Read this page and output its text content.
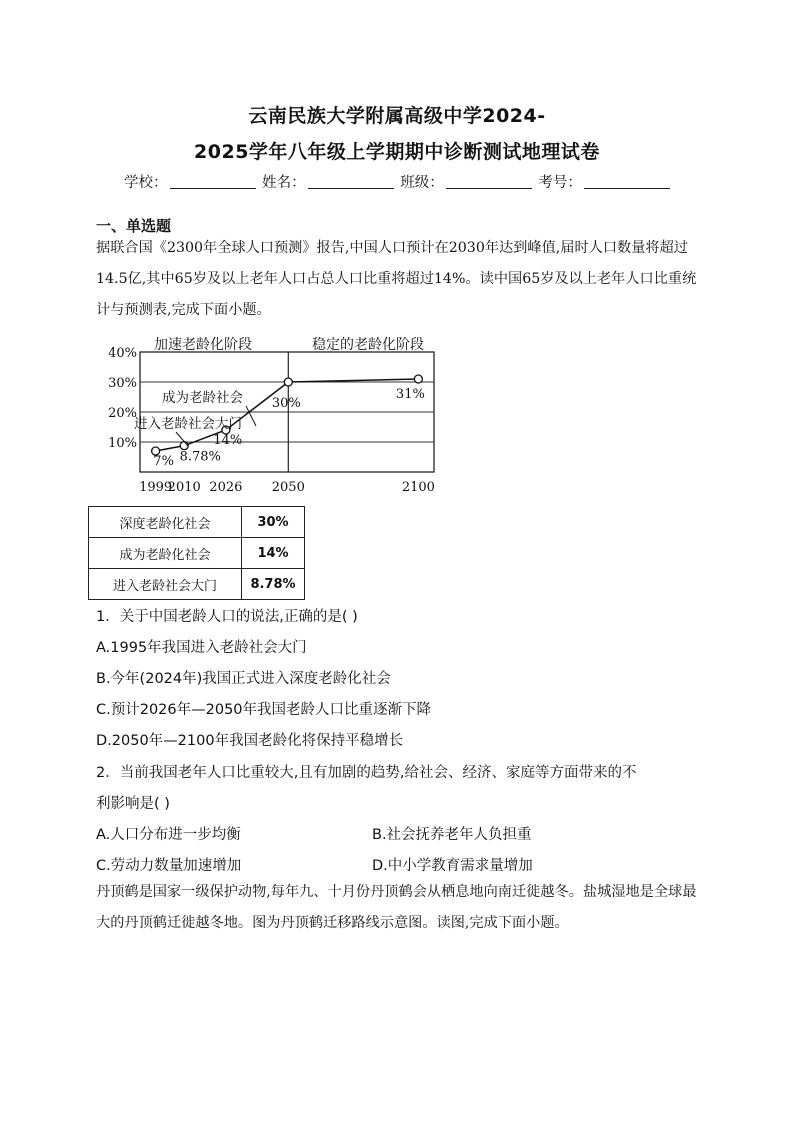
云南民族大学附属高级中学2024-
2025学年八年级上学期期中诊断测试地理试卷
学校：	姓名：	班级：	考号：
一、单选题
据联合国《2300年全球人口预测》报告,中国人口预计在2030年达到峰值,届时人口数量将超过14.5亿,其中65岁及以上老年人口占总人口比重将超过14%。读中国65岁及以上老年人口比重统计与预测表,完成下面小题。
10%
20%
30%
40%
1999
2010 2026 2050	2100
7% 8.78%
14%
30%
31%
加速老龄化阶段	稳定的老龄化阶段
成为老龄社会
进入老龄社会大门
深度老龄化社会	30%
成为老龄化社会	14%
进入老龄社会大门	8.78%
1．关于中国老龄人口的说法,正确的是( )
A.1995年我国进入老龄社会大门
B.今年(2024年)我国正式进入深度老龄化社会
C.预计2026年—2050年我国老龄人口比重逐渐下降
D.2050年—2100年我国老龄化将保持平稳增长
2．当前我国老年人口比重较大,且有加剧的趋势,给社会、经济、家庭等方面带来的不
利影响是( )
A.人口分布进一步均衡	B.社会抚养老年人负担重
C.劳动力数量加速增加	D.中小学教育需求量增加
丹顶鹤是国家一级保护动物,每年九、十月份丹顶鹤会从栖息地向南迁徙越冬。盐城湿地是全球最大的丹顶鹤迁徙越冬地。图为丹顶鹤迁移路线示意图。读图,完成下面小题。
